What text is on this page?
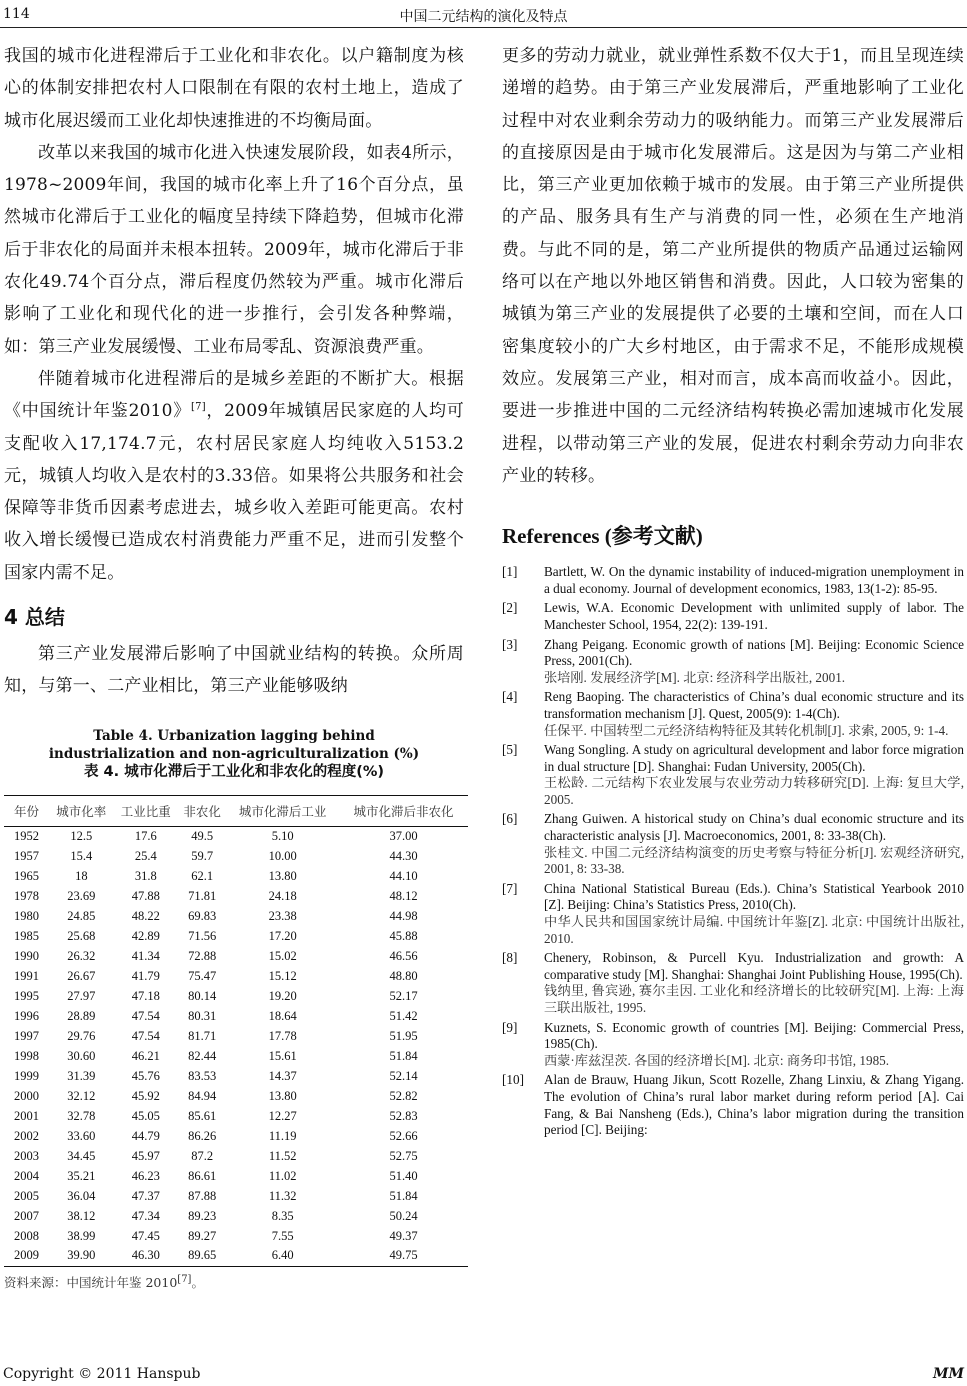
114	中国二元结构的演化及特点

我国的城市化进程滞后于工业化和非农化。以户籍制度为核心的体制安排把农村人口限制在有限的农村土地上，造成了城市化展迟缓而工业化却快速推进的不均衡局面。

改革以来我国的城市化进入快速发展阶段，如表4所示，1978~2009年间，我国的城市化率上升了16个百分点，虽然城市化滞后于工业化的幅度呈持续下降趋势，但城市化滞后于非农化的局面并未根本扭转。2009年，城市化滞后于非农化49.74个百分点，滞后程度仍然较为严重。城市化滞后影响了工业化和现代化的进一步推行，会引发各种弊端，如：第三产业发展缓慢、工业布局零乱、资源浪费严重。

伴随着城市化进程滞后的是城乡差距的不断扩大。根据《中国统计年鉴2010》[7]，2009年城镇居民家庭的人均可支配收入17,174.7元，农村居民家庭人均纯收入5153.2元，城镇人均收入是农村的3.33倍。如果将公共服务和社会保障等非货币因素考虑进去，城乡收入差距可能更高。农村收入增长缓慢已造成农村消费能力严重不足，进而引发整个国家内需不足。

4 总结

第三产业发展滞后影响了中国就业结构的转换。众所周知，与第一、二产业相比，第三产业能够吸纳

Table 4. Urbanization lagging behind industrialization and non-agriculturalization (%)
表 4. 城市化滞后于工业化和非农化的程度(%)
年份	城市化率	工业比重	非农化	城市化滞后工业	城市化滞后非农化
1952	12.5	17.6	49.5	5.10	37.00
1957	15.4	25.4	59.7	10.00	44.30
1965	18	31.8	62.1	13.80	44.10
1978	23.69	47.88	71.81	24.18	48.12
1980	24.85	48.22	69.83	23.38	44.98
1985	25.68	42.89	71.56	17.20	45.88
1990	26.32	41.34	72.88	15.02	46.56
1991	26.67	41.79	75.47	15.12	48.80
1995	27.97	47.18	80.14	19.20	52.17
1996	28.89	47.54	80.31	18.64	51.42
1997	29.76	47.54	81.71	17.78	51.95
1998	30.60	46.21	82.44	15.61	51.84
1999	31.39	45.76	83.53	14.37	52.14
2000	32.12	45.92	84.94	13.80	52.82
2001	32.78	45.05	85.61	12.27	52.83
2002	33.60	44.79	86.26	11.19	52.66
2003	34.45	45.97	87.2	11.52	52.75
2004	35.21	46.23	86.61	11.02	51.40
2005	36.04	47.37	87.88	11.32	51.84
2007	38.12	47.34	89.23	8.35	50.24
2008	38.99	47.45	89.27	7.55	49.37
2009	39.90	46.30	89.65	6.40	49.75
资料来源：中国统计年鉴 2010[7]。

更多的劳动力就业，就业弹性系数不仅大于1，而且呈现连续递增的趋势。由于第三产业发展滞后，严重地影响了工业化过程中对农业剩余劳动力的吸纳能力。而第三产业发展滞后的直接原因是由于城市化发展滞后。这是因为与第二产业相比，第三产业更加依赖于城市的发展。由于第三产业所提供的产品、服务具有生产与消费的同一性，必须在生产地消费。与此不同的是，第二产业所提供的物质产品通过运输网络可以在产地以外地区销售和消费。因此，人口较为密集的城镇为第三产业的发展提供了必要的土壤和空间，而在人口密集度较小的广大乡村地区，由于需求不足，不能形成规模效应。发展第三产业，相对而言，成本高而收益小。因此，要进一步推进中国的二元经济结构转换必需加速城市化发展进程，以带动第三产业的发展，促进农村剩余劳动力向非农产业的转移。

References (参考文献)
[1]	Bartlett, W. On the dynamic instability of induced-migration unemployment in a dual economy. Journal of development economics, 1983, 13(1-2): 85-95.
[2]	Lewis, W.A. Economic Development with unlimited supply of labor. The Manchester School, 1954, 22(2): 139-191.
[3]	Zhang Peigang. Economic growth of nations [M]. Beijing: Economic Science Press, 2001(Ch).
张培刚. 发展经济学[M]. 北京: 经济科学出版社, 2001.
[4]	Reng Baoping. The characteristics of China’s dual economic structure and its transformation mechanism [J]. Quest, 2005(9): 1-4(Ch).
任保平. 中国转型二元经济结构特征及其转化机制[J]. 求索, 2005, 9: 1-4.
[5]	Wang Songling. A study on agricultural development and labor force migration in dual structure [D]. Shanghai: Fudan University, 2005(Ch).
王松龄. 二元结构下农业发展与农业劳动力转移研究[D]. 上海: 复旦大学, 2005.
[6]	Zhang Guiwen. A historical study on China’s dual economic structure and its characteristic analysis [J]. Macroeconomics, 2001, 8: 33-38(Ch).
张桂文. 中国二元经济结构演变的历史考察与特征分析[J]. 宏观经济研究, 2001, 8: 33-38.
[7]	China National Statistical Bureau (Eds.). China’s Statistical Yearbook 2010 [Z]. Beijing: China’s Statistics Press, 2010(Ch).
中华人民共和国国家统计局编. 中国统计年鉴[Z]. 北京: 中国统计出版社, 2010.
[8]	Chenery, Robinson, & Purcell Kyu. Industrialization and growth: A comparative study [M]. Shanghai: Shanghai Joint Publishing House, 1995(Ch).
钱纳里, 鲁宾逊, 赛尔圭因. 工业化和经济增长的比较研究[M]. 上海: 上海三联出版社, 1995.
[9]	Kuznets, S. Economic growth of countries [M]. Beijing: Commercial Press, 1985(Ch).
西蒙·库兹涅茨. 各国的经济增长[M]. 北京: 商务印书馆, 1985.
[10]	Alan de Brauw, Huang Jikun, Scott Rozelle, Zhang Linxiu, & Zhang Yigang. The evolution of China’s rural labor market during reform period [A]. Cai Fang, & Bai Nansheng (Eds.), China’s labor migration during the transition period [C]. Beijing:
Copyright © 2011 Hanspub	MM
